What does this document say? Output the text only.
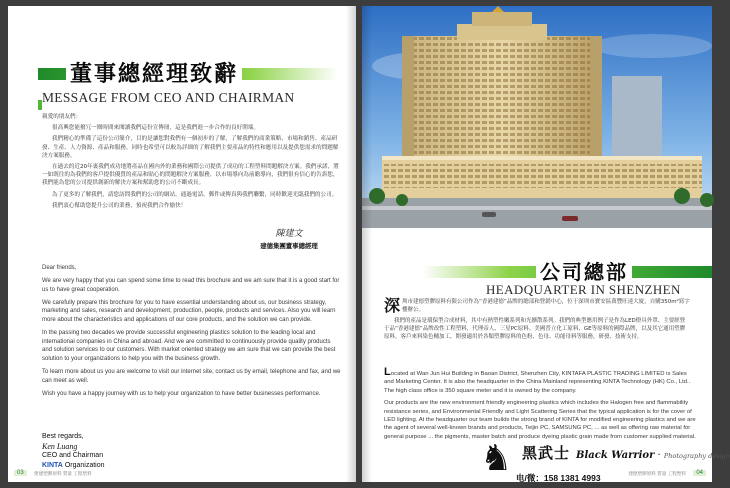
董事總經理致辭
MESSAGE FROM CEO AND CHAIRMAN

親愛的朋友們：

很高興您能撥冗一閱時間來閱讀我們這份宣傳冊，這是我們進一步合作的良好開端。

我們精心的準備了這份公司簡介，目的是讓您對我們有一個初步的了解，了解我們的商業策略、市場和銷售、產品研發、生產、人力資源、產品和服務。同時也希望可以較為詳細的了解我們主要產品的特性和應用以及提供您需求的問題解決方案服務。

在過去的近20年裏我們成功地將產品在國內外的業務和國際公司提供了成功的工程塑料問題解決方案。我們承諾，將一如既往的為我們的客戶提供優質的產品和貼心的問題解決方案服務，以市場導向為前瞻導向，我們很有信心的告訴您，我們能為您的公司提供創新的解決方案和幫助您的公司不斷成長。

為了更多的了解我們，請您訪問我們的公司的網站。通過電話、郵件或傳真與我們聯繫，同時歡迎光臨我們的公司。

我們衷心幫助您提升公司的業務，預祝我們合作愉快！

陳建文
建德集團董事總經理

Dear friends,

We are very happy that you can spend some time to read this brochure and we am sure that it is a good start for us to have great cooperation.

We carefully prepare this brochure for you to have essential understanding about us, our business strategy, marketing and sales, research and development, production, people, products and services. Also you will learn more about the characteristics and applications of our core products, and the solution we can provide.

In the passing two decades we provide successful engineering plastics solution to the leading local and international companies in China and abroad. And we are committed to continuously provide quality products and solution services to our customers. With market oriented strategy we am sure that we can provide the best solution to your organizations to help you with the business growth.

To learn more about us you are welcome to visit our internet site, contact us by email, telephone and fax, and we can meet as well.

Wish you have a happy journey with us to help your organization to have better businesses performance.

Best regards,
Ken Luang
CEO and Chairman
KINTA Organization
03	建德塑膠原料 質量 工程塑料
公司總部
HEADQUARTER IN SHENZHEN

深圳市建德塑膠原料有限公司作為“香港建德”品牌的總部和營銷中心，位于深圳市寶安區萬豐旺達大廈，自購350m²寫字樓辦公。

我們的產品是環保型合成材料，其中有熱塑性嫩系列和光擴散系列。我們的典型應用例子是作為LED燈具外罩、主要經營于品“香港建德”品牌改性工程塑料，代理帝人、三星PC原料、美國普立化工原料、GE等原料的國際品牌，以及其它通用塑膠原料，客戶來料染色輔加工，開發適用於各類塑膠原料的色粉、色母、功能母料等服務，研發、技術支持。

Located at Wan Jun Hui Building in Baoan District, Shenzhen City, KINTAFA PLASTIC TRADING LIMITED is Sales and Marketing Center. It is also the headquarter in the China Mainland representing KINTA Technology (HK) Co., Ltd.. The high class office is 350 square meter and it is owned by the company.

Our products are the new environment friendly engineering plastics which includes the Halogen free and flammability resistance series, and Environmental Friendly and Light Scattering Series that the typical application is for the cover of LED lighting. At the headquarter our team builds the strong brand of KINTA for modified engineering plastics and we are the agent of several well-known brands and products, Teijin PC, SAMSUNG PC, ... as well as offering raw material for general purpose ... the pigments, master batch and produce dyeing plastic grain made from customer supplied material.

♞ 黑武士 Black Warrior · Photography design
电/微：158 1381 4993	建德塑膠原料 質量 工程塑料	04
